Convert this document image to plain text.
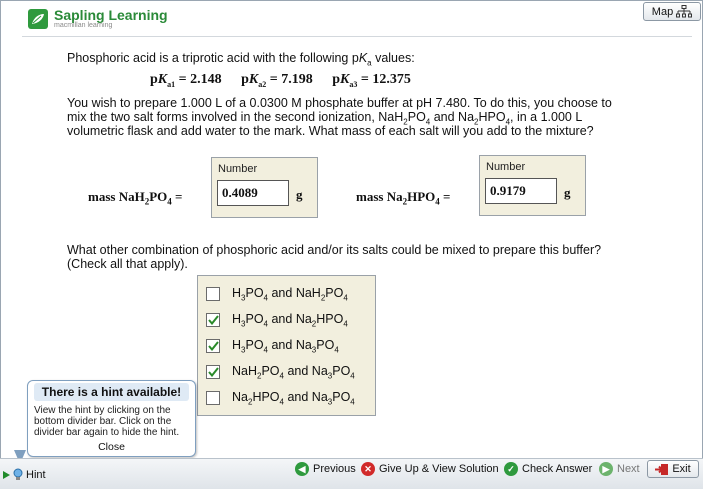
Sapling Learning
macmillan learning
Map
Phosphoric acid is a triprotic acid with the following $pK_a$ values:
$pK_{a1} = 2.148$ $pK_{a2} = 7.198$ $pK_{a3} = 12.375$
You wish to prepare 1.000 L of a 0.0300 M phosphate buffer at pH 7.480. To do this, you choose to
mix the two salt forms involved in the second ionization, $NaH_2PO_4$ and $Na_2HPO_4$, in a 1.000 L
volumetric flask and add water to the mark. What mass of each salt will you add to the mixture?
mass $NaH_2PO_4$ =
Number
0.4089	g	mass $Na_2HPO_4$ =
Number
0.9179	g
What other combination of phosphoric acid and/or its salts could be mixed to prepare this buffer?
(Check all that apply).
$H_3PO_4$ and $NaH_2PO_4$
$H_3PO_4$ and $Na_2HPO_4$
$H_3PO_4$ and $Na_3PO_4$
$NaH_2PO_4$ and $Na_3PO_4$
$Na_2HPO_4$ and $Na_3PO_4$
There is a hint available!
View the hint by clicking on the bottom divider bar. Click on the divider bar again to hide the hint.
Close
Hint	◀ Previous ✕ Give Up & View Solution ✓ Check Answer	▶ Next	Exit
